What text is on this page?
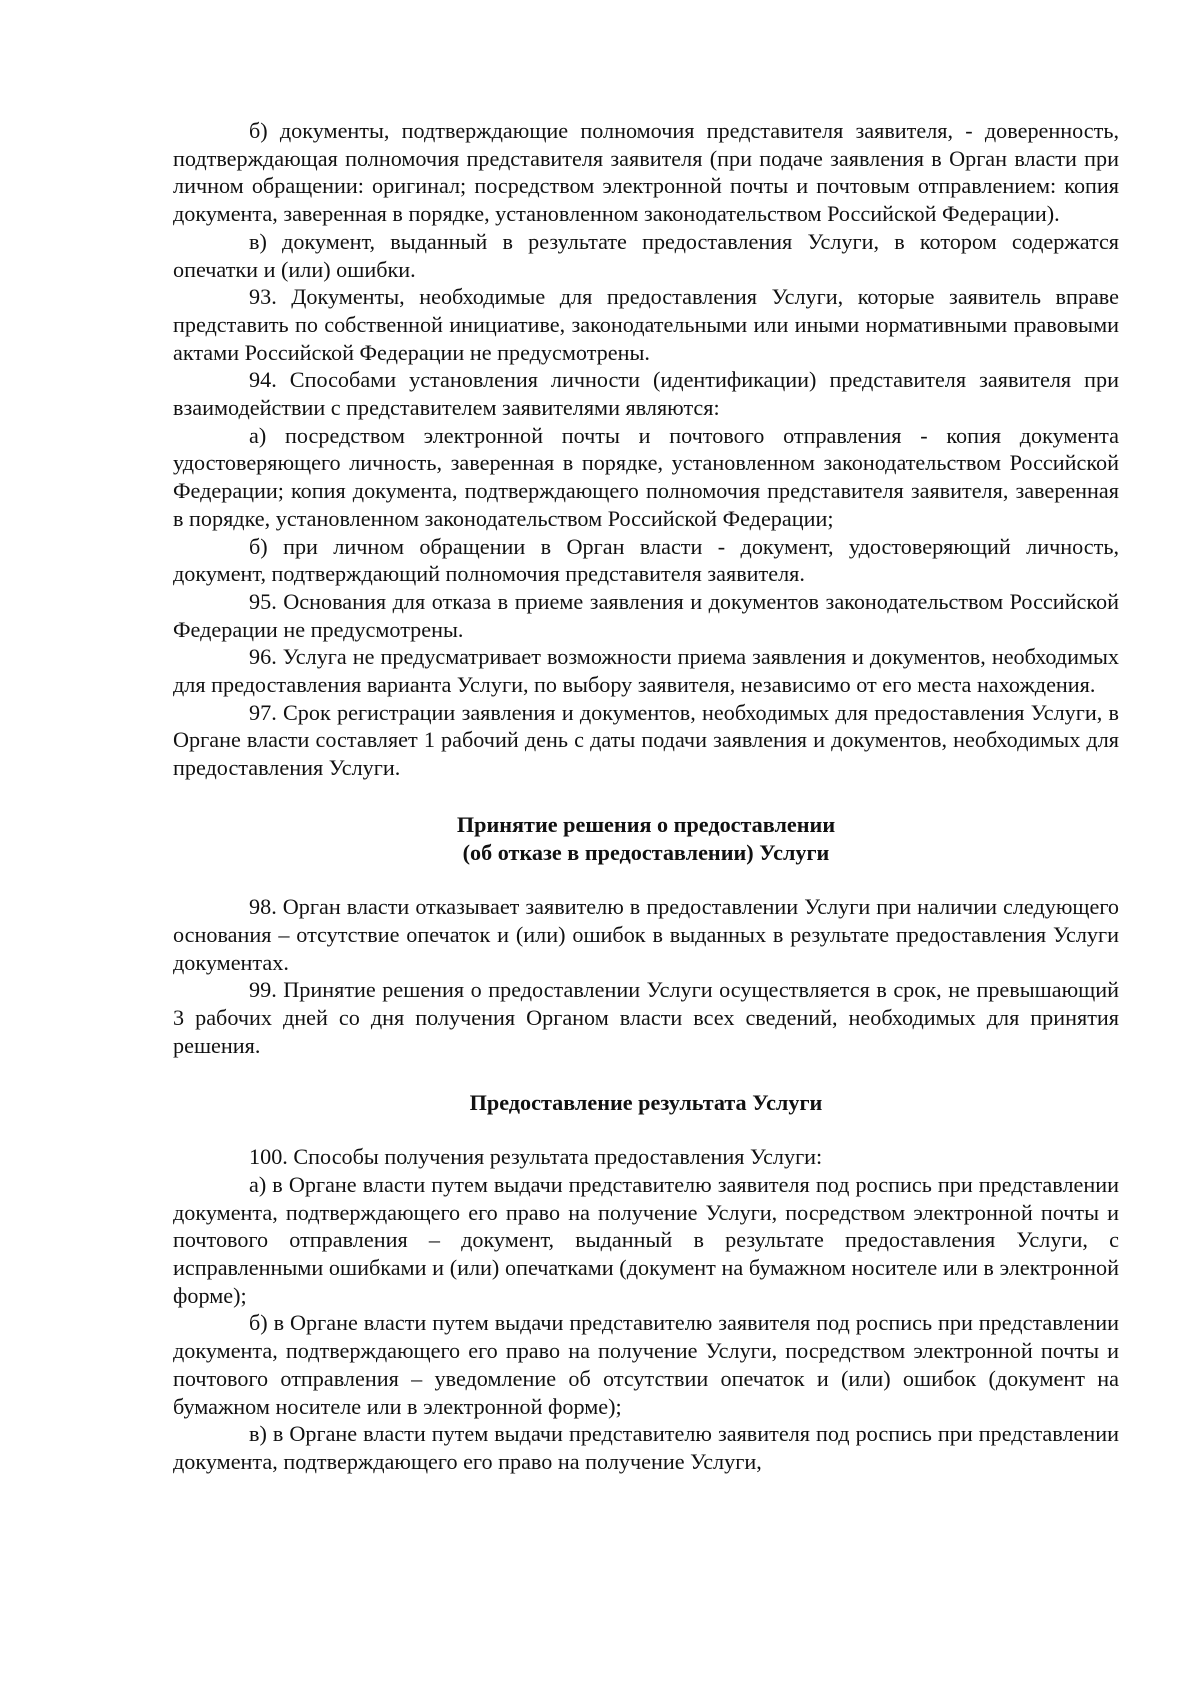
б) документы, подтверждающие полномочия представителя заявителя, - доверенность, подтверждающая полномочия представителя заявителя (при подаче заявления в Орган власти при личном обращении: оригинал; посредством электронной почты и почтовым отправлением: копия документа, заверенная в порядке, установленном законодательством Российской Федерации).

в) документ, выданный в результате предоставления Услуги, в котором содержатся опечатки и (или) ошибки.

93. Документы, необходимые для предоставления Услуги, которые заявитель вправе представить по собственной инициативе, законодательными или иными нормативными правовыми актами Российской Федерации не предусмотрены.

94. Способами установления личности (идентификации) представителя заявителя при взаимодействии с представителем заявителями являются:

а) посредством электронной почты и почтового отправления - копия документа удостоверяющего личность, заверенная в порядке, установленном законодательством Российской Федерации; копия документа, подтверждающего полномочия представителя заявителя, заверенная в порядке, установленном законодательством Российской Федерации;

б) при личном обращении в Орган власти - документ, удостоверяющий личность, документ, подтверждающий полномочия представителя заявителя.

95. Основания для отказа в приеме заявления и документов законодательством Российской Федерации не предусмотрены.

96. Услуга не предусматривает возможности приема заявления и документов, необходимых для предоставления варианта Услуги, по выбору заявителя, независимо от его места нахождения.

97. Срок регистрации заявления и документов, необходимых для предоставления Услуги, в Органе власти составляет 1 рабочий день с даты подачи заявления и документов, необходимых для предоставления Услуги.

Принятие решения о предоставлении

(об отказе в предоставлении) Услуги

98. Орган власти отказывает заявителю в предоставлении Услуги при наличии следующего основания – отсутствие опечаток и (или) ошибок в выданных в результате предоставления Услуги документах.

99. Принятие решения о предоставлении Услуги осуществляется в срок, не превышающий 3 рабочих дней со дня получения Органом власти всех сведений, необходимых для принятия решения.

Предоставление результата Услуги

100. Способы получения результата предоставления Услуги:

а) в Органе власти путем выдачи представителю заявителя под роспись при представлении документа, подтверждающего его право на получение Услуги, посредством электронной почты и почтового отправления – документ, выданный в результате предоставления Услуги, с исправленными ошибками и (или) опечатками (документ на бумажном носителе или в электронной форме);

б) в Органе власти путем выдачи представителю заявителя под роспись при представлении документа, подтверждающего его право на получение Услуги, посредством электронной почты и почтового отправления – уведомление об отсутствии опечаток и (или) ошибок (документ на бумажном носителе или в электронной форме);

в) в Органе власти путем выдачи представителю заявителя под роспись при представлении документа, подтверждающего его право на получение Услуги,
